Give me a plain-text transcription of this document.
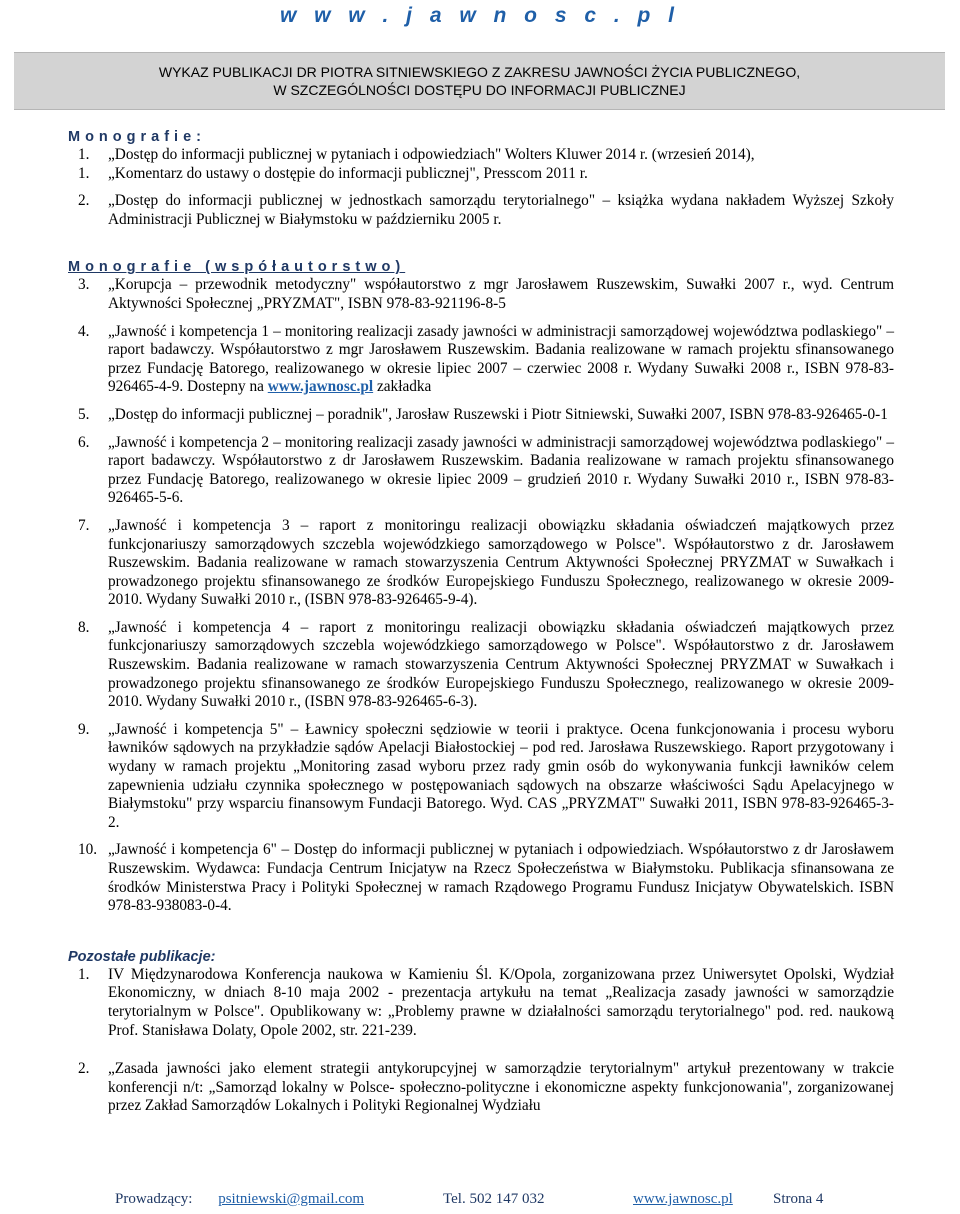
w w w . j a w n o s c . p l
WYKAZ PUBLIKACJI DR PIOTRA SITNIEWSKIEGO Z ZAKRESU JAWNOŚCI ŻYCIA PUBLICZNEGO,
W SZCZEGÓLNOŚCI DOSTĘPU DO INFORMACJI PUBLICZNEJ
Monografie:
1.	„Dostęp do informacji publicznej w pytaniach i odpowiedziach" Wolters Kluwer 2014 r. (wrzesień 2014),
1.	„Komentarz do ustawy o dostępie do informacji publicznej", Presscom 2011 r.
2.	„Dostęp do informacji publicznej w jednostkach samorządu terytorialnego" – książka wydana nakładem Wyższej Szkoły Administracji Publicznej w Białymstoku w październiku 2005 r.
Monografie (współautorstwo)
3.	„Korupcja – przewodnik metodyczny" współautorstwo z mgr Jarosławem Ruszewskim, Suwałki 2007 r., wyd. Centrum Aktywności Społecznej „PRYZMAT", ISBN 978-83-921196-8-5
4.	„Jawność i kompetencja 1 – monitoring realizacji zasady jawności w administracji samorządowej województwa podlaskiego" – raport badawczy. Współautorstwo z mgr Jarosławem Ruszewskim. Badania realizowane w ramach projektu sfinansowanego przez Fundację Batorego, realizowanego w okresie lipiec 2007 – czerwiec 2008 r. Wydany Suwałki 2008 r., ISBN 978-83-926465-4-9. Dostepny na www.jawnosc.pl zakładka
5.	„Dostęp do informacji publicznej – poradnik", Jarosław Ruszewski i Piotr Sitniewski, Suwałki 2007, ISBN 978-83-926465-0-1
6.	„Jawność i kompetencja 2 – monitoring realizacji zasady jawności w administracji samorządowej województwa podlaskiego" – raport badawczy. Współautorstwo z dr Jarosławem Ruszewskim. Badania realizowane w ramach projektu sfinansowanego przez Fundację Batorego, realizowanego w okresie lipiec 2009 – grudzień 2010 r. Wydany Suwałki 2010 r., ISBN 978-83-926465-5-6.
7.	„Jawność i kompetencja 3 – raport z monitoringu realizacji obowiązku składania oświadczeń majątkowych przez funkcjonariuszy samorządowych szczebla wojewódzkiego samorządowego w Polsce". Współautorstwo z dr. Jarosławem Ruszewskim. Badania realizowane w ramach stowarzyszenia Centrum Aktywności Społecznej PRYZMAT w Suwałkach i prowadzonego projektu sfinansowanego ze środków Europejskiego Funduszu Społecznego, realizowanego w okresie 2009-2010. Wydany Suwałki 2010 r., (ISBN 978-83-926465-9-4).
8.	„Jawność i kompetencja 4 – raport z monitoringu realizacji obowiązku składania oświadczeń majątkowych przez funkcjonariuszy samorządowych szczebla wojewódzkiego samorządowego w Polsce". Współautorstwo z dr. Jarosławem Ruszewskim. Badania realizowane w ramach stowarzyszenia Centrum Aktywności Społecznej PRYZMAT w Suwałkach i prowadzonego projektu sfinansowanego ze środków Europejskiego Funduszu Społecznego, realizowanego w okresie 2009-2010. Wydany Suwałki 2010 r., (ISBN 978-83-926465-6-3).
9.	„Jawność i kompetencja 5" – Ławnicy społeczni sędziowie w teorii i praktyce. Ocena funkcjonowania i procesu wyboru ławników sądowych na przykładzie sądów Apelacji Białostockiej – pod red. Jarosława Ruszewskiego. Raport przygotowany i wydany w ramach projektu „Monitoring zasad wyboru przez rady gmin osób do wykonywania funkcji ławników celem zapewnienia udziału czynnika społecznego w postępowaniach sądowych na obszarze właściwości Sądu Apelacyjnego w Białymstoku" przy wsparciu finansowym Fundacji Batorego. Wyd. CAS „PRYZMAT" Suwałki 2011, ISBN 978-83-926465-3-2.
10. „Jawność i kompetencja 6" – Dostęp do informacji publicznej w pytaniach i odpowiedziach. Współautorstwo z dr Jarosławem Ruszewskim. Wydawca: Fundacja Centrum Inicjatyw na Rzecz Społeczeństwa w Białymstoku. Publikacja sfinansowana ze środków Ministerstwa Pracy i Polityki Społecznej w ramach Rządowego Programu Fundusz Inicjatyw Obywatelskich. ISBN 978-83-938083-0-4.
Pozostałe publikacje:
1.	IV Międzynarodowa Konferencja naukowa w Kamieniu Śl. K/Opola, zorganizowana przez Uniwersytet Opolski, Wydział Ekonomiczny, w dniach 8-10 maja 2002 - prezentacja artykułu na temat „Realizacja zasady jawności w samorządzie terytorialnym w Polsce". Opublikowany w: „Problemy prawne w działalności samorządu terytorialnego" pod. red. naukową Prof. Stanisława Dolaty, Opole 2002, str. 221-239.
2.	„Zasada jawności jako element strategii antykorupcyjnej w samorządzie terytorialnym" artykuł prezentowany w trakcie konferencji n/t: „Samorząd lokalny w Polsce- społeczno-polityczne i ekonomiczne aspekty funkcjonowania", zorganizowanej przez Zakład Samorządów Lokalnych i Polityki Regionalnej Wydziału
Prowadzący: psitniewski@gmail.com	Tel. 502 147 032	www.jawnosc.pl	Strona 4
